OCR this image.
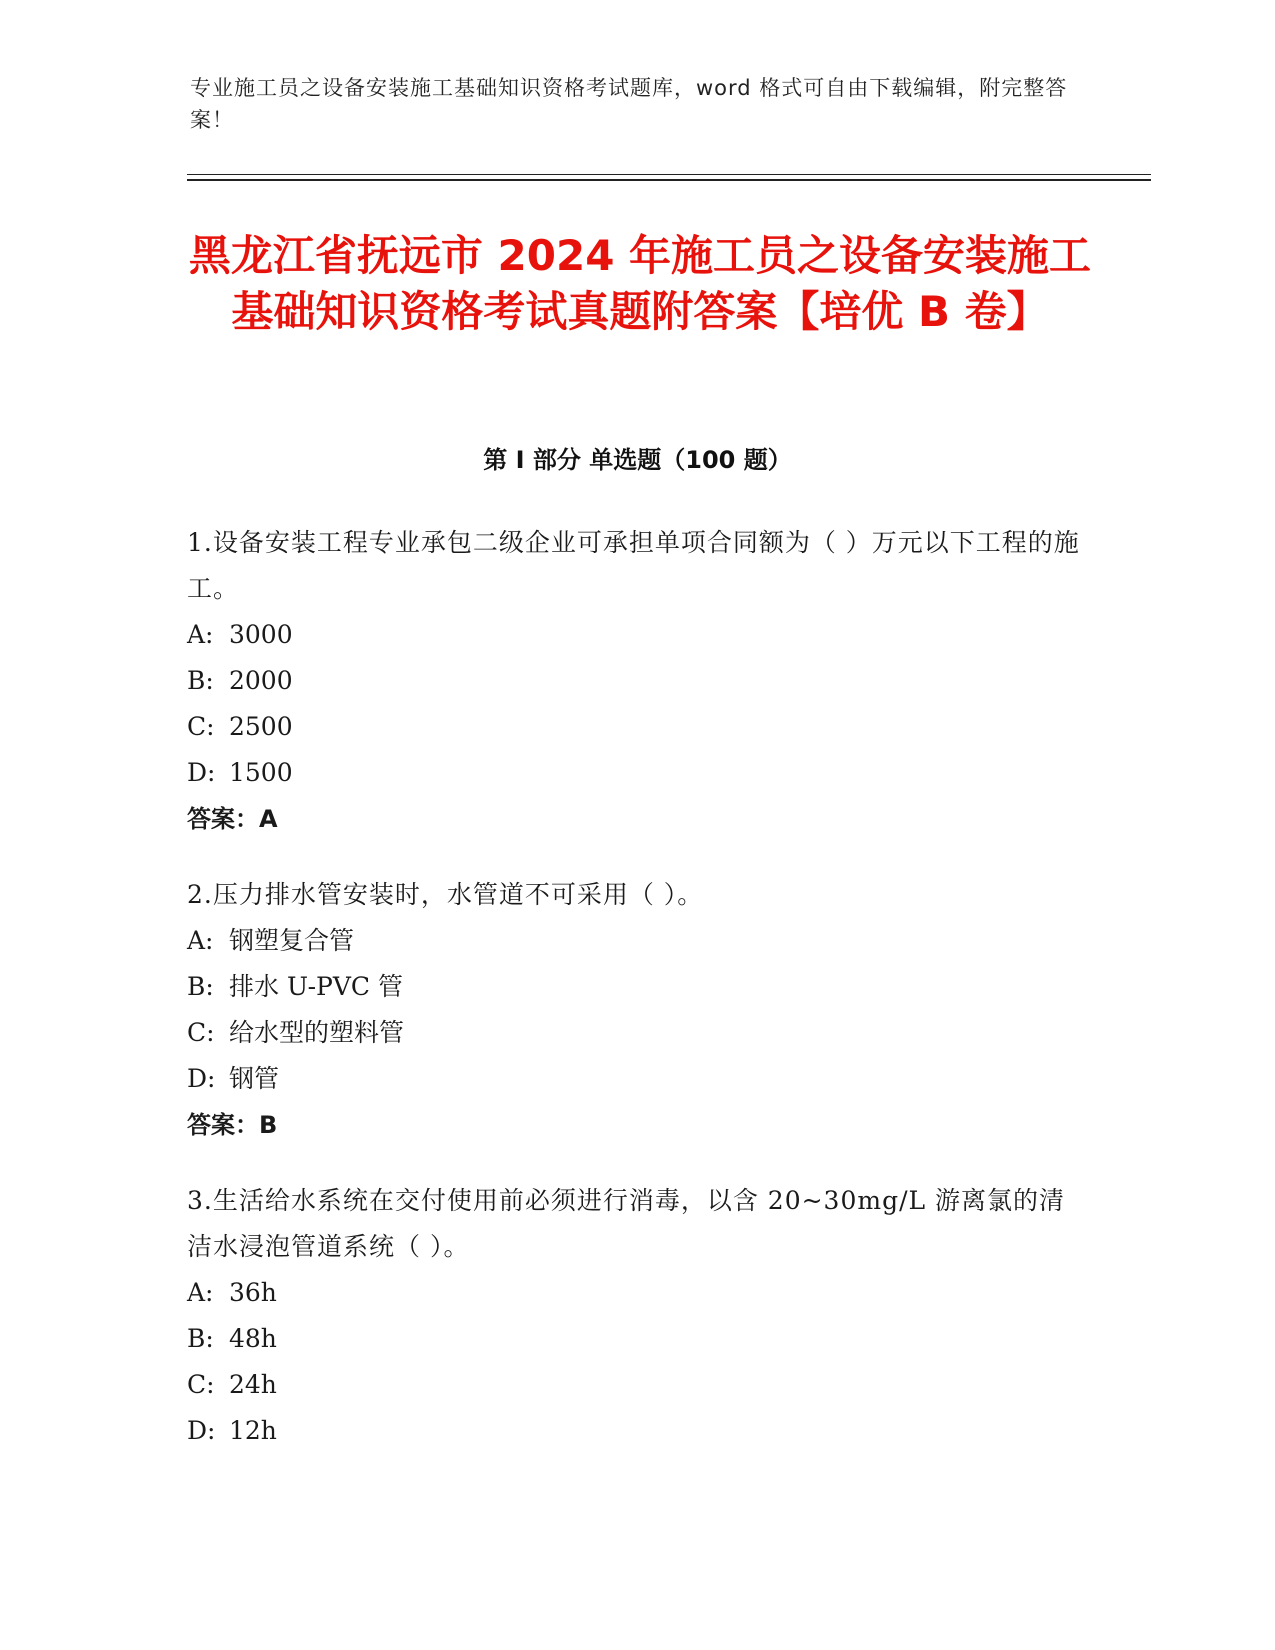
专业施工员之设备安装施工基础知识资格考试题库，word 格式可自由下载编辑，附完整答案！
黑龙江省抚远市 2024 年施工员之设备安装施工基础知识资格考试真题附答案【培优 B 卷】
第 I 部分 单选题（100 题）
1.设备安装工程专业承包二级企业可承担单项合同额为（ ）万元以下工程的施工。
A: 3000
B: 2000
C: 2500
D: 1500
答案：A
2.压力排水管安装时，水管道不可采用（ ）。
A: 钢塑复合管
B: 排水 U-PVC 管
C: 给水型的塑料管
D: 钢管
答案：B
3.生活给水系统在交付使用前必须进行消毒，以含 20~30mg/L 游离氯的清洁水浸泡管道系统（ ）。
A: 36h
B: 48h
C: 24h
D: 12h
